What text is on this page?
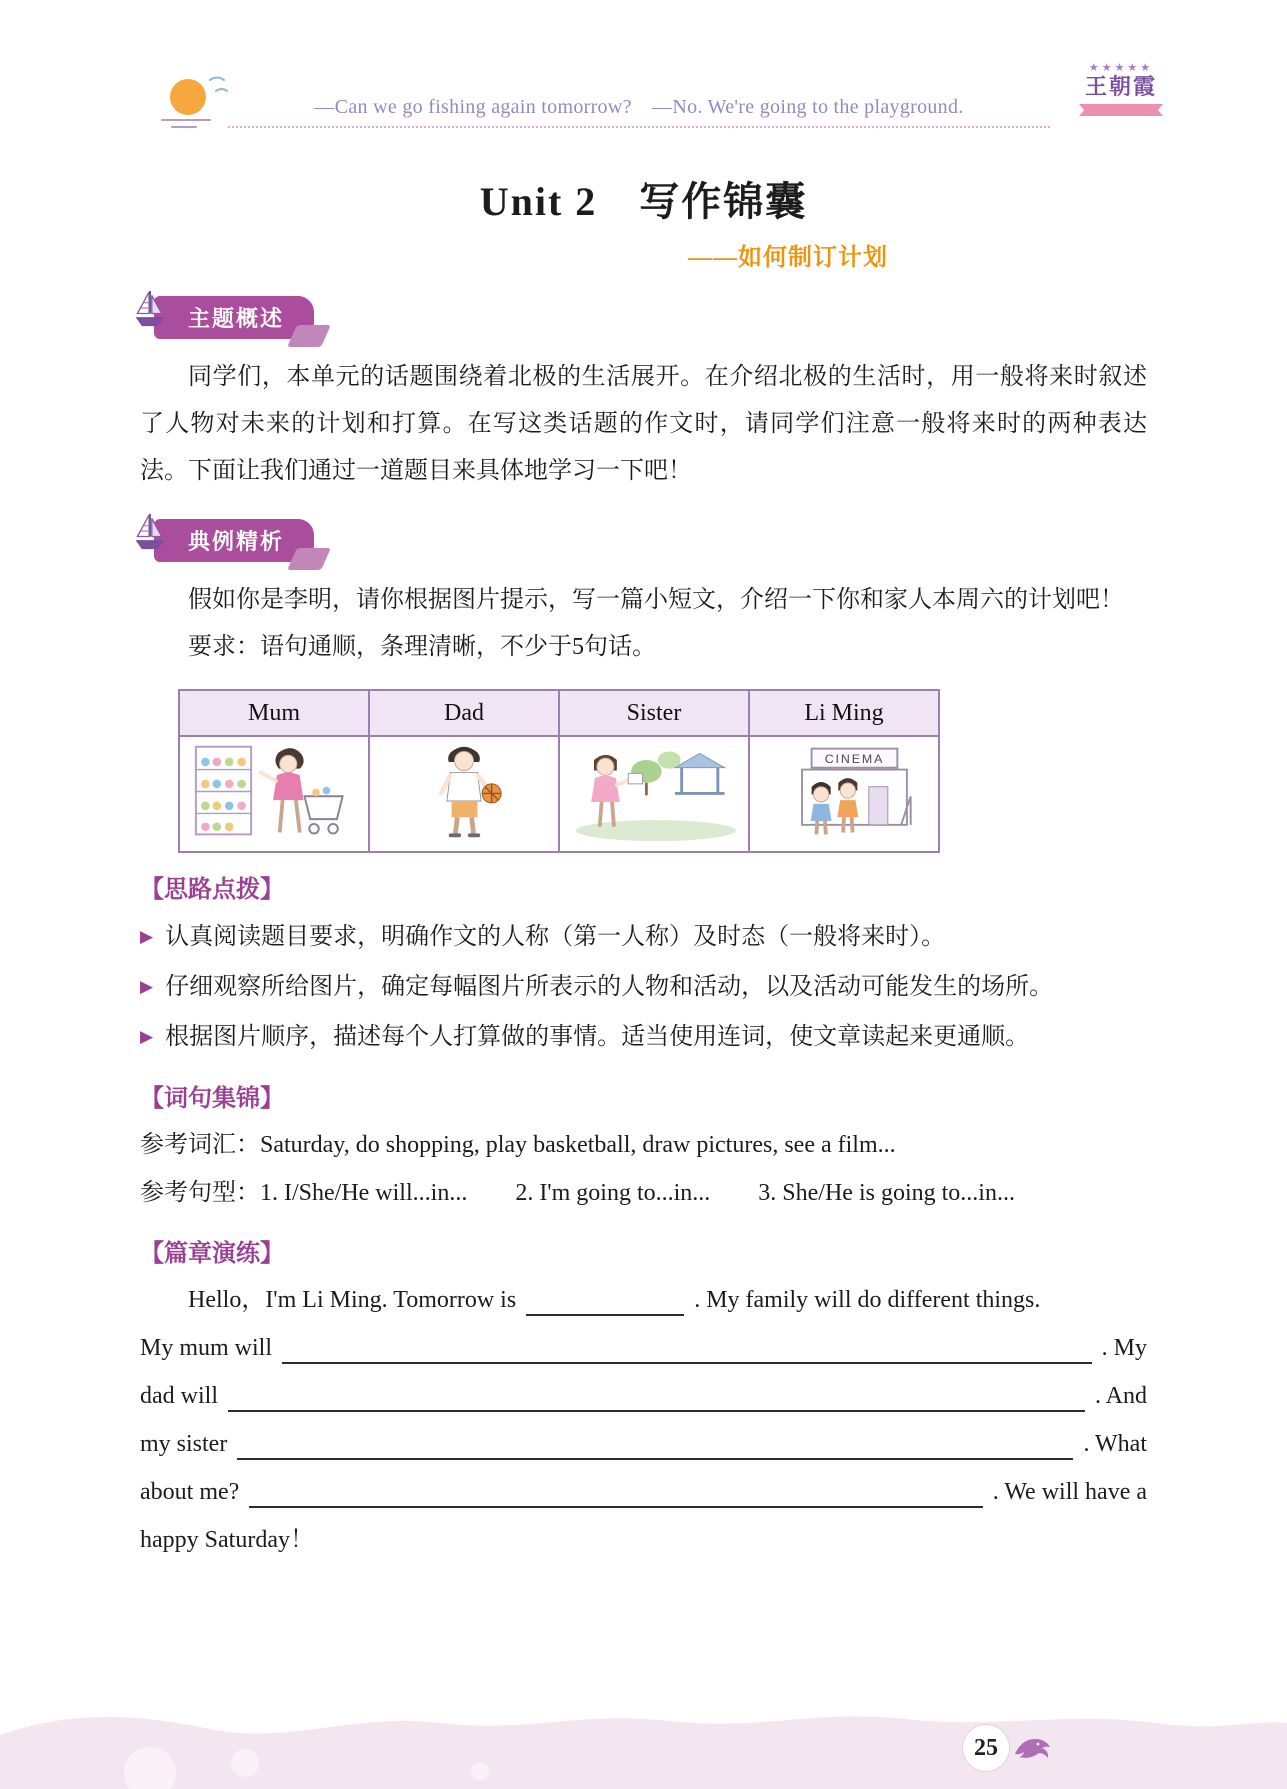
—Can we go fishing again tomorrow?　—No. We're going to the playground.
★★★★★
王朝霞
Unit 2　写作锦囊
——如何制订计划
主题概述

同学们，本单元的话题围绕着北极的生活展开。在介绍北极的生活时，用一般将来时叙述了人物对未来的计划和打算。在写这类话题的作文时，请同学们注意一般将来时的两种表达法。下面让我们通过一道题目来具体地学习一下吧！

典例精析

假如你是李明，请你根据图片提示，写一篇小短文，介绍一下你和家人本周六的计划吧！

要求：语句通顺，条理清晰，不少于5句话。

Mum	Dad	Sister	Li Ming

CINEMA
【思路点拨】
▶ 认真阅读题目要求，明确作文的人称（第一人称）及时态（一般将来时）。
▶ 仔细观察所给图片，确定每幅图片所表示的人物和活动，以及活动可能发生的场所。
▶ 根据图片顺序，描述每个人打算做的事情。适当使用连词，使文章读起来更通顺。
【词句集锦】

参考词汇：Saturday, do shopping, play basketball, draw pictures, see a film...

参考句型：1. I/She/He will...in...　　2. I'm going to...in...　　3. She/He is going to...in...

【篇章演练】
Hello，I'm Li Ming. Tomorrow is	. My family will do different things.
My mum will	. My
dad will	. And
my sister	. What
about me?	. We will have a

happy Saturday！

25
